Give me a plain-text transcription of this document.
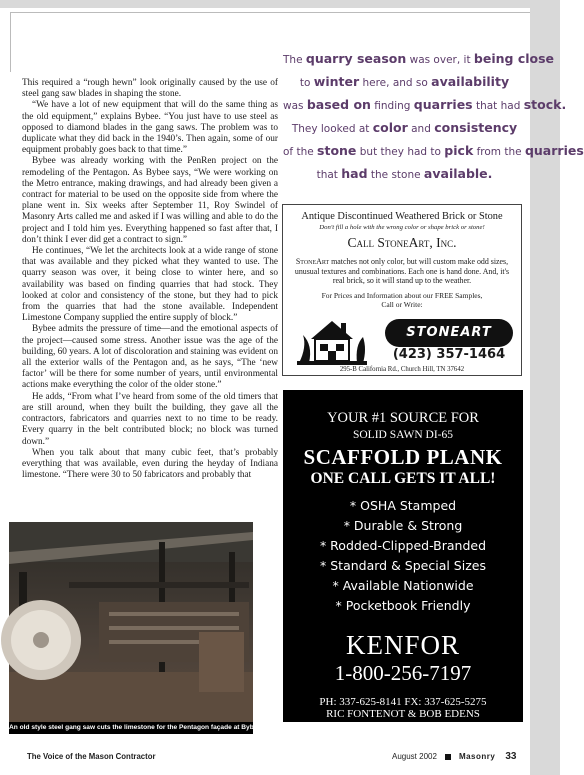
This required a “rough hewn” look originally caused by the use of steel gang saw blades in shaping the stone.

“We have a lot of new equipment that will do the same thing as the old equipment,” explains Bybee. “You just have to use steel as opposed to diamond blades in the gang saws. The problem was to duplicate what they did back in the 1940’s. Then again, some of our equipment probably goes back to that time.”

Bybee was already working with the PenRen project on the remodeling of the Pentagon. As Bybee says, “We were working on the Metro entrance, making drawings, and had already been given a contract for material to be used on the opposite side from where the plane went in. Six weeks after September 11, Roy Swindel of Masonry Arts called me and asked if I was willing and able to do the project and I told him yes. Everything happened so fast after that, I don’t think I ever did get a contract to sign.”

He continues, “We let the architects look at a wide range of stone that was available and they picked what they wanted to use. The quarry season was over, it being close to winter here, and so availability was based on finding quarries that had stock. They looked at color and consistency of the stone, but they had to pick from the quarries that had the stone available. Independent Limestone Company supplied the entire supply of block.”

Bybee admits the pressure of time—and the emotional aspects of the project—caused some stress. Another issue was the age of the building, 60 years. A lot of discoloration and staining was evident on all the exterior walls of the Pentagon and, as he says, “The ‘new factor’ will be there for some number of years, until environmental actions make everything the color of the older stone.”

He adds, “From what I’ve heard from some of the old timers that are still around, when they built the building, they gave all the contractors, fabricators and quarries next to no time to be ready. Every quarry in the belt contributed block; no block was turned down.”

When you talk about that many cubic feet, that’s probably everything that was available, even during the heyday of Indiana limestone. “There were 30 to 50 fabricators and probably that

An old style steel gang saw cuts the limestone for the Pentagon façade at Bybee Stone.
The quarry season was over, it being close
to winter here, and so availability
was based on finding quarries that had stock.
They looked at color and consistency
of the stone but they had to pick from the quarries
that had the stone available.
Antique Discontinued Weathered Brick or Stone
Don't fill a hole with the wrong color or shape brick or stone!
Call StoneArt, Inc.
StoneArt matches not only color, but will custom make odd sizes, unusual textures and combinations. Each one is hand done. And, it's real brick, so it will stand up to the weather.
For Prices and Information about our FREE Samples,
Call or Write:
STONEART
(423) 357-1464
295-B California Rd., Church Hill, TN 37642
YOUR #1 SOURCE FOR
SOLID SAWN DI-65
SCAFFOLD PLANK
ONE CALL GETS IT ALL!
* OSHA Stamped
* Durable & Strong
* Rodded-Clipped-Branded
* Standard & Special Sizes
* Available Nationwide
* Pocketbook Friendly
KENFOR
1-800-256-7197
PH: 337-625-8141 FX: 337-625-5275
RIC FONTENOT & BOB EDENS
Ext-16	Ext-21
The Voice of the Mason Contractor	August 2002	Masonry 33
